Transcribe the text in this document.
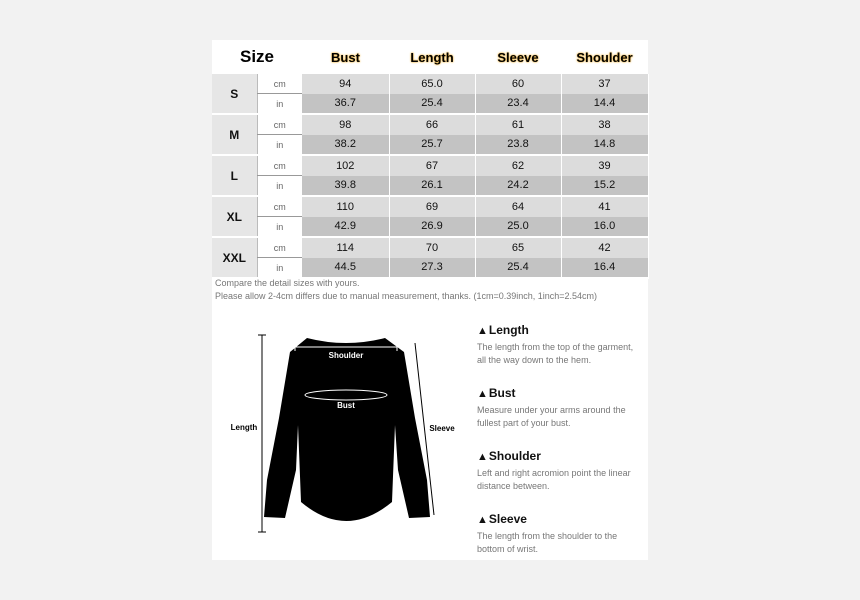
Size		Bust	Length	Sleeve	Shoulder
S	cm	94	65.0	60	37
	in	36.7	25.4	23.4	14.4
M	cm	98	66	61	38
	in	38.2	25.7	23.8	14.8
L	cm	102	67	62	39
	in	39.8	26.1	24.2	15.2
XL	cm	110	69	64	41
	in	42.9	26.9	25.0	16.0
XXL	cm	114	70	65	42
	in	44.5	27.3	25.4	16.4
Compare the detail sizes with yours.
Please allow 2-4cm differs due to manual measurement, thanks. (1cm=0.39inch, 1inch=2.54cm)
Length	Sleeve
Shoulder
Bust
▲Length
The length from the top of the garment,
all the way down to the hem.
▲Bust
Measure under your arms around the
fullest part of your bust.
▲Shoulder
Left and right acromion point the linear
distance between.
▲Sleeve
The length from the shoulder to the
bottom of wrist.
